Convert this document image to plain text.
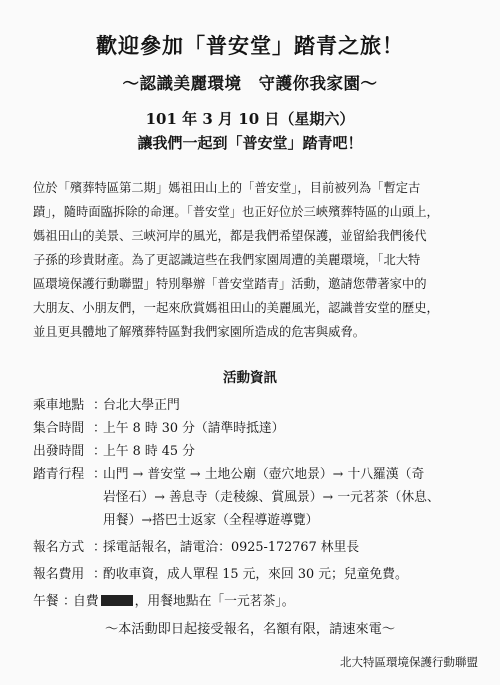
歡迎參加「普安堂」踏青之旅！
～認識美麗環境　守護你我家園～
101 年 3 月 10 日（星期六）
讓我們一起到「普安堂」踏青吧！
位於「殯葬特區第二期」媽祖田山上的「普安堂」，目前被列為「暫定古
蹟」，隨時面臨拆除的命運。「普安堂」也正好位於三峽殯葬特區的山頭上，
媽祖田山的美景、三峽河岸的風光，都是我們希望保護，並留給我們後代
子孫的珍貴財產。為了更認識這些在我們家園周遭的美麗環境，「北大特
區環境保護行動聯盟」特別舉辦「普安堂踏青」活動，邀請您帶著家中的
大朋友、小朋友們，一起來欣賞媽祖田山的美麗風光，認識普安堂的歷史，
並且更具體地了解殯葬特區對我們家園所造成的危害與威脅。
活動資訊
乘車地點 ：
台北大學正門
集合時間 ：
上午 8 時 30 分（請準時抵達）
出發時間 ：
上午 8 時 45 分
踏青行程 ：
山門 → 普安堂 → 土地公廟（壺穴地景）→ 十八羅漢（奇
岩怪石）→ 善息寺（走稜線、賞風景）→ 一元茗茶（休息、
用餐）→搭巴士返家（全程導遊導覽）
報名方式 ：
採電話報名，請電洽：0925-172767 林里長
報名費用 ：
酌收車資，成人單程 15 元，來回 30 元；兒童免費。
午餐 ：
自費	，用餐地點在「一元茗茶」。
～本活動即日起接受報名，名額有限，請速來電～
北大特區環境保護行動聯盟
